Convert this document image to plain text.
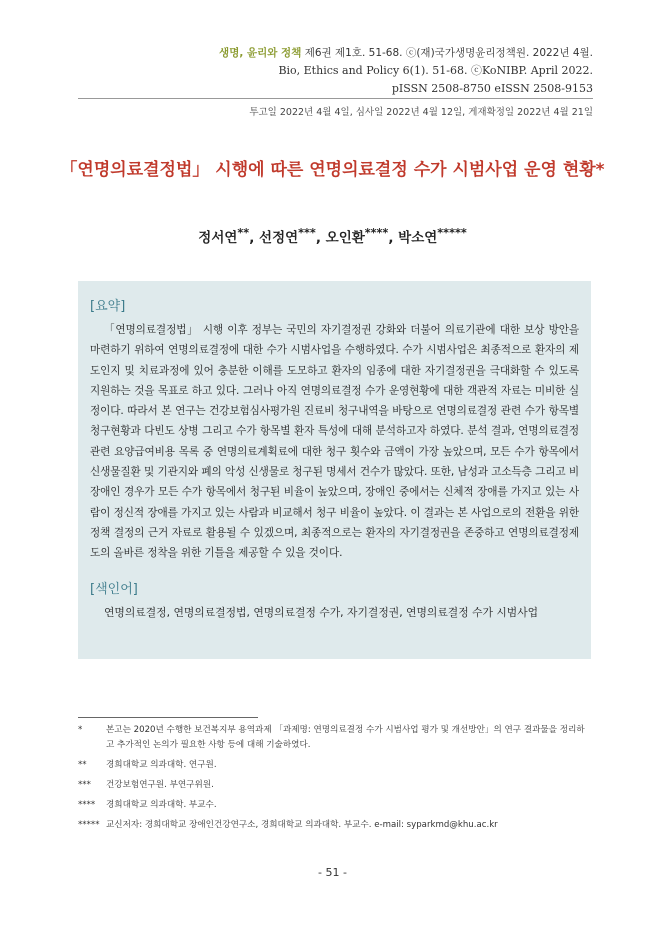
생명, 윤리와 정책 제6권 제1호. 51-68. ⓒ(재)국가생명윤리정책원. 2022년 4월.
Bio, Ethics and Policy 6(1). 51-68. ⓒKoNIBP. April 2022.
pISSN 2508-8750 eISSN 2508-9153
투고일 2022년 4월 4일, 심사일 2022년 4월 12일, 게재확정일 2022년 4월 21일
「연명의료결정법」 시행에 따른 연명의료결정 수가 시범사업 운영 현황*
정서연**, 선정연***, 오인환****, 박소연*****
[요약]
「연명의료결정법」 시행 이후 정부는 국민의 자기결정권 강화와 더불어 의료기관에 대한 보상 방안을 마련하기 위하여 연명의료결정에 대한 수가 시범사업을 수행하였다. 수가 시범사업은 최종적으로 환자의 제도인지 및 치료과정에 있어 충분한 이해를 도모하고 환자의 임종에 대한 자기결정권을 극대화할 수 있도록 지원하는 것을 목표로 하고 있다. 그러나 아직 연명의료결정 수가 운영현황에 대한 객관적 자료는 미비한 실정이다. 따라서 본 연구는 건강보험심사평가원 진료비 청구내역을 바탕으로 연명의료결정 관련 수가 항목별 청구현황과 다빈도 상병 그리고 수가 항목별 환자 특성에 대해 분석하고자 하였다. 분석 결과, 연명의료결정 관련 요양급여비용 목록 중 연명의료계획료에 대한 청구 횟수와 금액이 가장 높았으며, 모든 수가 항목에서 신생물질환 및 기관지와 폐의 악성 신생물로 청구된 명세서 건수가 많았다. 또한, 남성과 고소득층 그리고 비장애인 경우가 모든 수가 항목에서 청구된 비율이 높았으며, 장애인 중에서는 신체적 장애를 가지고 있는 사람이 정신적 장애를 가지고 있는 사람과 비교해서 청구 비율이 높았다. 이 결과는 본 사업으로의 전환을 위한 정책 결정의 근거 자료로 활용될 수 있겠으며, 최종적으로는 환자의 자기결정권을 존중하고 연명의료결정제도의 올바른 정착을 위한 기틀을 제공할 수 있을 것이다.
[색인어]
연명의료결정, 연명의료결정법, 연명의료결정 수가, 자기결정권, 연명의료결정 수가 시범사업
*	본고는 2020년 수행한 보건복지부 용역과제 「과제명: 연명의료결정 수가 시범사업 평가 및 개선방안」의 연구 결과물을 정리하고 추가적인 논의가 필요한 사항 등에 대해 기술하였다.
**	경희대학교 의과대학. 연구원.
***	건강보험연구원. 부연구위원.
****	경희대학교 의과대학. 부교수.
***** 교신저자: 경희대학교 장애인건강연구소, 경희대학교 의과대학. 부교수. e-mail: syparkmd@khu.ac.kr
- 51 -
